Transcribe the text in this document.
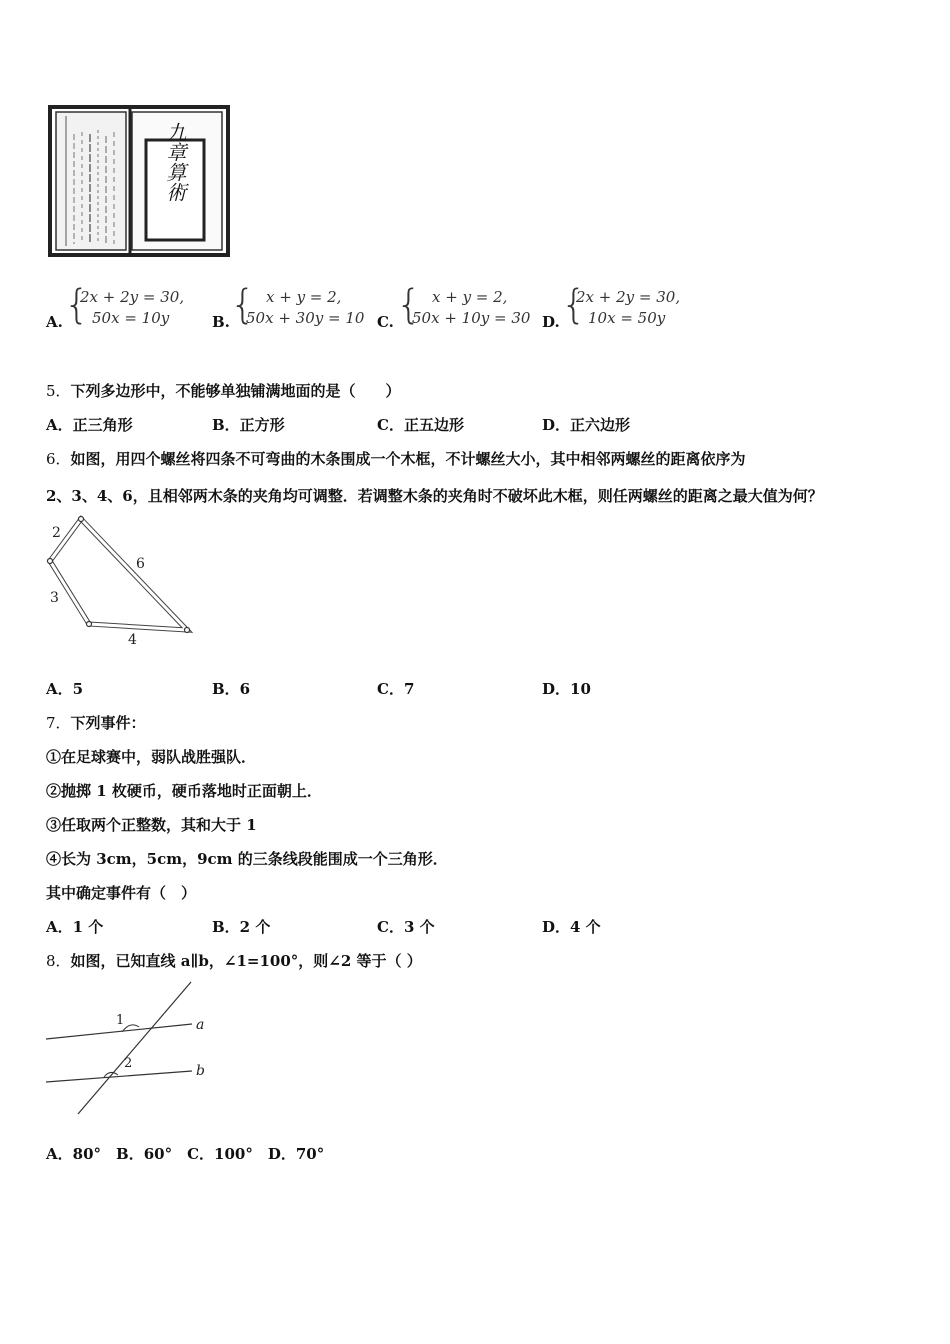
九章算術
A. {
2x + 2y = 30,
50x = 10y	B. { x + y = 2,
50x + 30y = 10 C. { x + y = 2,
50x + 10y = 30 D. {
2x + 2y = 30,
10x = 50y
5．下列多边形中，不能够单独铺满地面的是（　　）
A．正三角形	B．正方形	C．正五边形	D．正六边形
6．如图，用四个螺丝将四条不可弯曲的木条围成一个木框，不计螺丝大小，其中相邻两螺丝的距离依序为
2、3、4、6，且相邻两木条的夹角均可调整．若调整木条的夹角时不破坏此木框，则任两螺丝的距离之最大值为何？
2
3
4
6
A．5	B．6	C．7	D．10
7．下列事件：
①在足球赛中，弱队战胜强队．
②抛掷 1 枚硬币，硬币落地时正面朝上．
③任取两个正整数，其和大于 1
④长为 3cm，5cm，9cm 的三条线段能围成一个三角形．
其中确定事件有（　）
A．1 个	B．2 个	C．3 个	D．4 个
8．如图，已知直线 a∥b，∠1=100°，则∠2 等于（ ）
1
2
a
b
A．80°　B．60°　C．100°　D．70°
